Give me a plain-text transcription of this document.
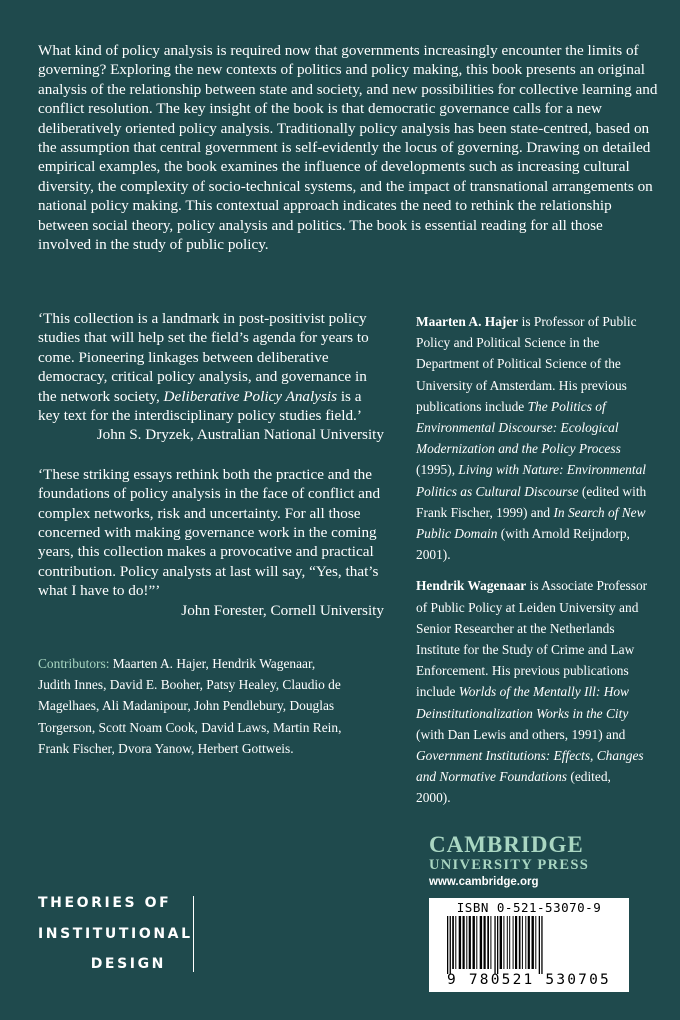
What kind of policy analysis is required now that governments increasingly encounter the limits of governing? Exploring the new contexts of politics and policy making, this book presents an original analysis of the relationship between state and society, and new possibilities for collective learning and conflict resolution. The key insight of the book is that democratic governance calls for a new deliberatively oriented policy analysis. Traditionally policy analysis has been state-centred, based on the assumption that central government is self-evidently the locus of governing. Drawing on detailed empirical examples, the book examines the influence of developments such as increasing cultural diversity, the complexity of socio-technical systems, and the impact of transnational arrangements on national policy making. This contextual approach indicates the need to rethink the relationship between social theory, policy analysis and politics. The book is essential reading for all those involved in the study of public policy.

‘This collection is a landmark in post-positivist policy studies that will help set the field’s agenda for years to come. Pioneering linkages between deliberative democracy, critical policy analysis, and governance in the network society, Deliberative Policy Analysis is a key text for the interdisciplinary policy studies field.’

John S. Dryzek, Australian National University

‘These striking essays rethink both the practice and the foundations of policy analysis in the face of conflict and complex networks, risk and uncertainty. For all those concerned with making governance work in the coming years, this collection makes a provocative and practical contribution. Policy analysts at last will say, “Yes, that’s what I have to do!”’

John Forester, Cornell University

Contributors: Maarten A. Hajer, Hendrik Wagenaar, Judith Innes, David E. Booher, Patsy Healey, Claudio de Magelhaes, Ali Madanipour, John Pendlebury, Douglas Torgerson, Scott Noam Cook, David Laws, Martin Rein, Frank Fischer, Dvora Yanow, Herbert Gottweis.

Maarten A. Hajer is Professor of Public Policy and Political Science in the Department of Political Science of the University of Amsterdam. His previous publications include The Politics of Environmental Discourse: Ecological Modernization and the Policy Process (1995), Living with Nature: Environmental Politics as Cultural Discourse (edited with Frank Fischer, 1999) and In Search of New Public Domain (with Arnold Reijndorp, 2001).

Hendrik Wagenaar is Associate Professor of Public Policy at Leiden University and Senior Researcher at the Netherlands Institute for the Study of Crime and Law Enforcement. His previous publications include Worlds of the Mentally Ill: How Deinstitutionalization Works in the City (with Dan Lewis and others, 1991) and Government Institutions: Effects, Changes and Normative Foundations (edited, 2000).

THEORIES OF
INSTITUTIONAL
DESIGN
CAMBRIDGE
UNIVERSITY PRESS
www.cambridge.org
ISBN 0-521-53070-9
9 780521 530705
